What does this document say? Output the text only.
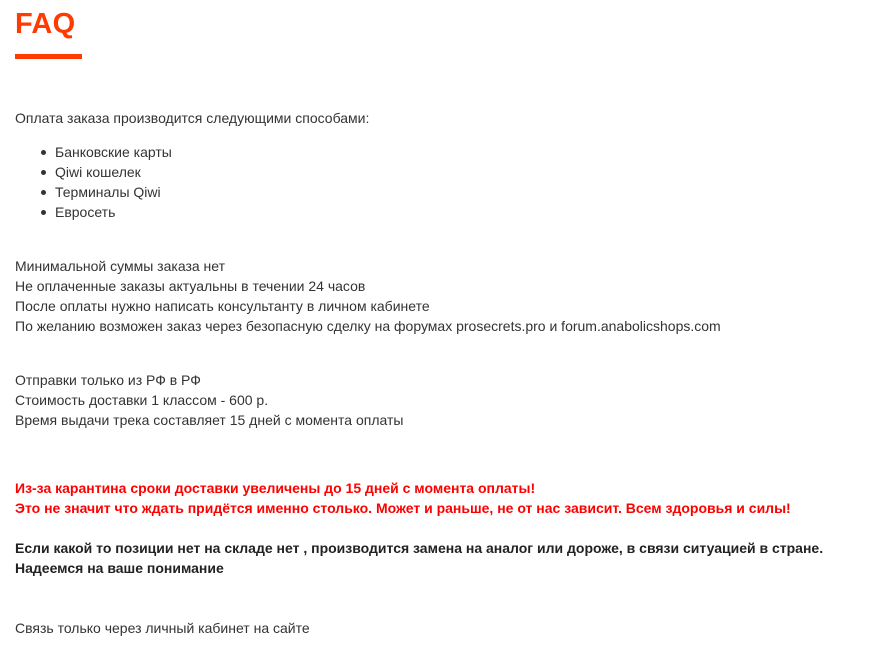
FAQ

Оплата заказа производится следующими способами:

Банковские карты
Qiwi кошелек
Терминалы Qiwi
Евросеть

Минимальной суммы заказа нет

Не оплаченные заказы актуальны в течении 24 часов

После оплаты нужно написать консультанту в личном кабинете

По желанию возможен заказ через безопасную сделку на форумах prosecrets.pro и forum.anabolicshops.com

Отправки только из РФ в РФ

Стоимость доставки 1 классом - 600 р.

Время выдачи трека составляет 15 дней с момента оплаты

Из-за карантина сроки доставки увеличены до 15 дней с момента оплаты!

Это не значит что ждать придётся именно столько. Может и раньше, не от нас зависит. Всем здоровья и силы!

Если какой то позиции нет на складе нет , производится замена на аналог или дороже, в связи ситуацией в стране.

Надеемся на ваше понимание

Связь только через личный кабинет на сайте
